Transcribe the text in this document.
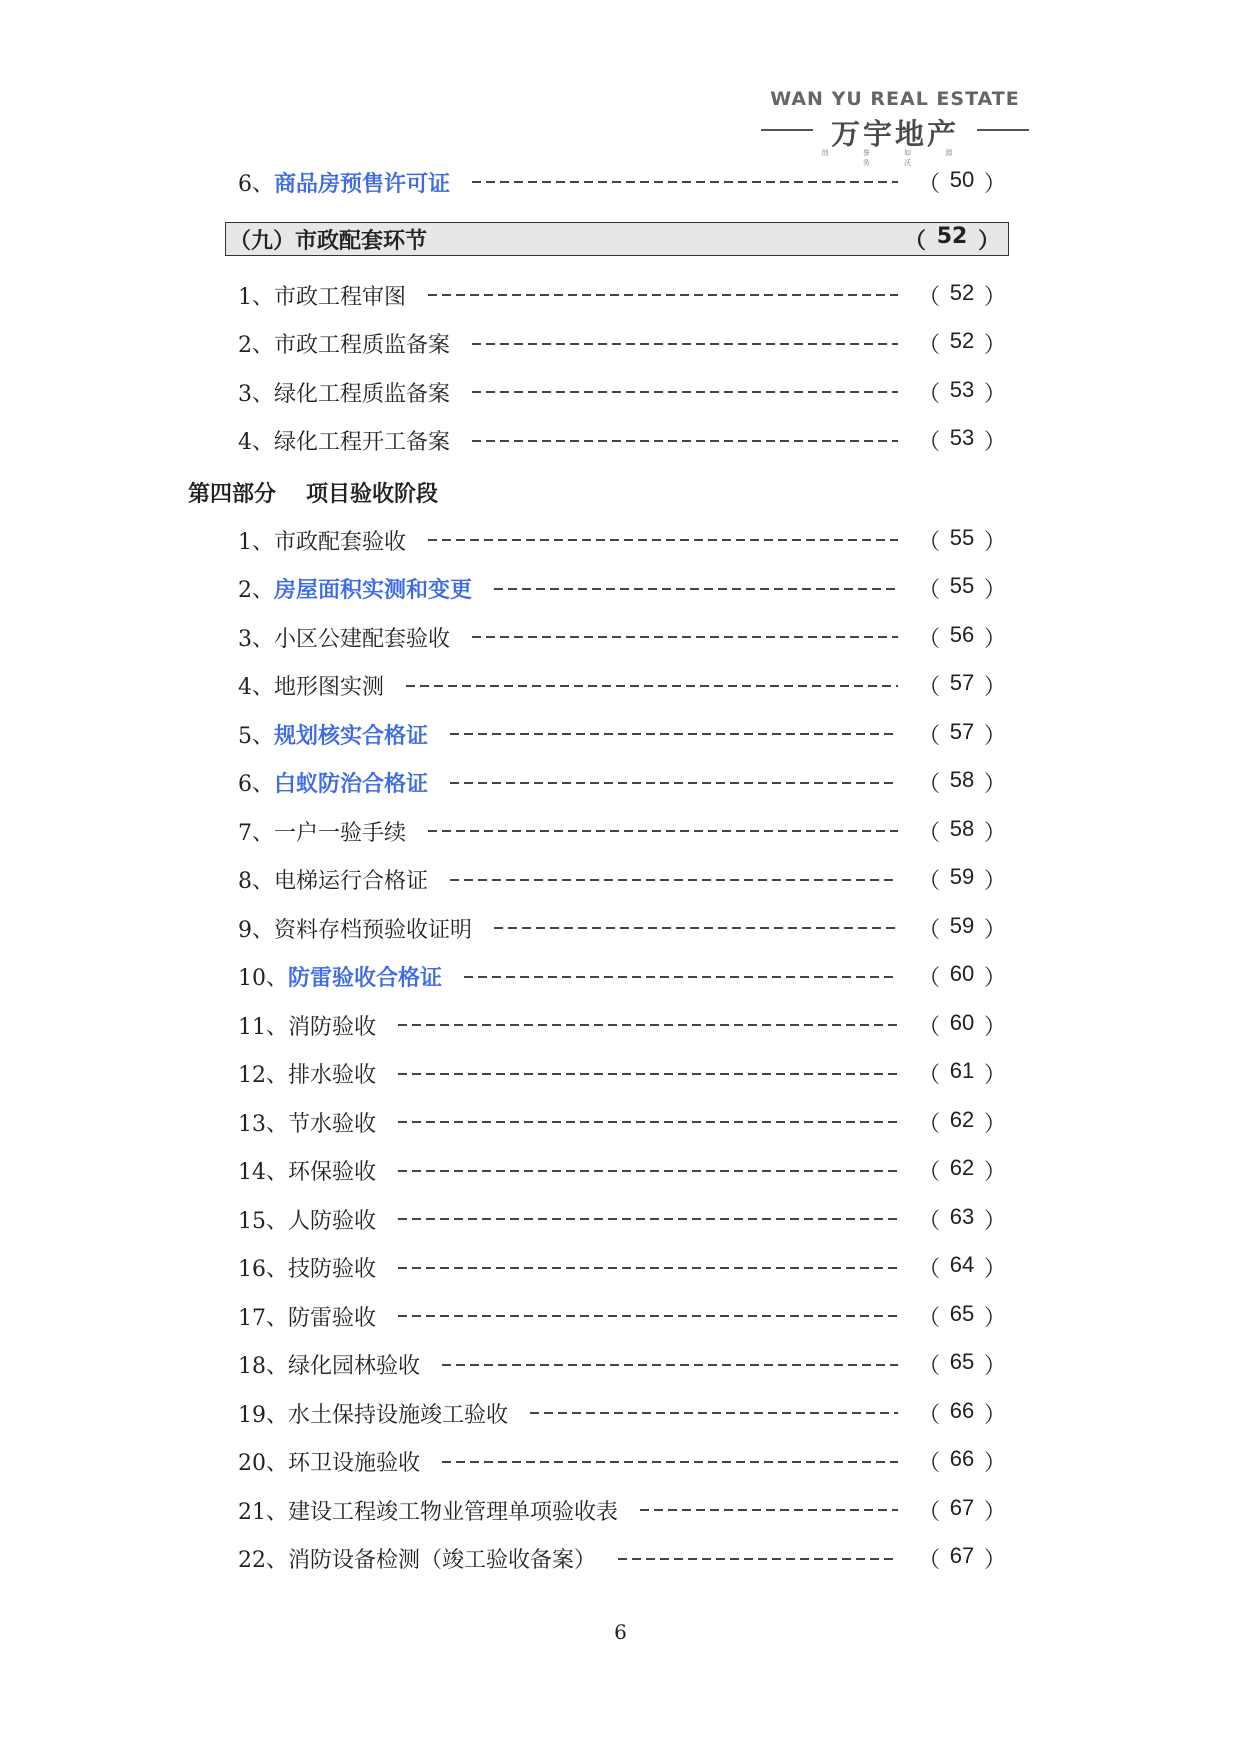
WAN YU REAL ESTATE
万宇地产
创 誉 如 源 务 沃
6、 商品房预售许可证	（ 50 ）
（九）市政配套环节	（ 52 ）
1、 市政工程审图	（ 52 ）
2、 市政工程质监备案	（ 52 ）
3、 绿化工程质监备案	（ 53 ）
4、 绿化工程开工备案	（ 53 ）
第四部分 项目验收阶段
1、 市政配套验收	（ 55 ）
2、 房屋面积实测和变更	（ 55 ）
3、 小区公建配套验收	（ 56 ）
4、 地形图实测	（ 57 ）
5、 规划核实合格证	（ 57 ）
6、 白蚁防治合格证	（ 58 ）
7、 一户一验手续	（ 58 ）
8、 电梯运行合格证	（ 59 ）
9、 资料存档预验收证明	（ 59 ）
10、 防雷验收合格证	（ 60 ）
11、 消防验收	（ 60 ）
12、 排水验收	（ 61 ）
13、 节水验收	（ 62 ）
14、 环保验收	（ 62 ）
15、 人防验收	（ 63 ）
16、 技防验收	（ 64 ）
17、 防雷验收	（ 65 ）
18、 绿化园林验收	（ 65 ）
19、 水土保持设施竣工验收	（ 66 ）
20、 环卫设施验收	（ 66 ）
21、 建设工程竣工物业管理单项验收表	（ 67 ）
22、 消防设备检测（竣工验收备案）	（ 67 ）
6
